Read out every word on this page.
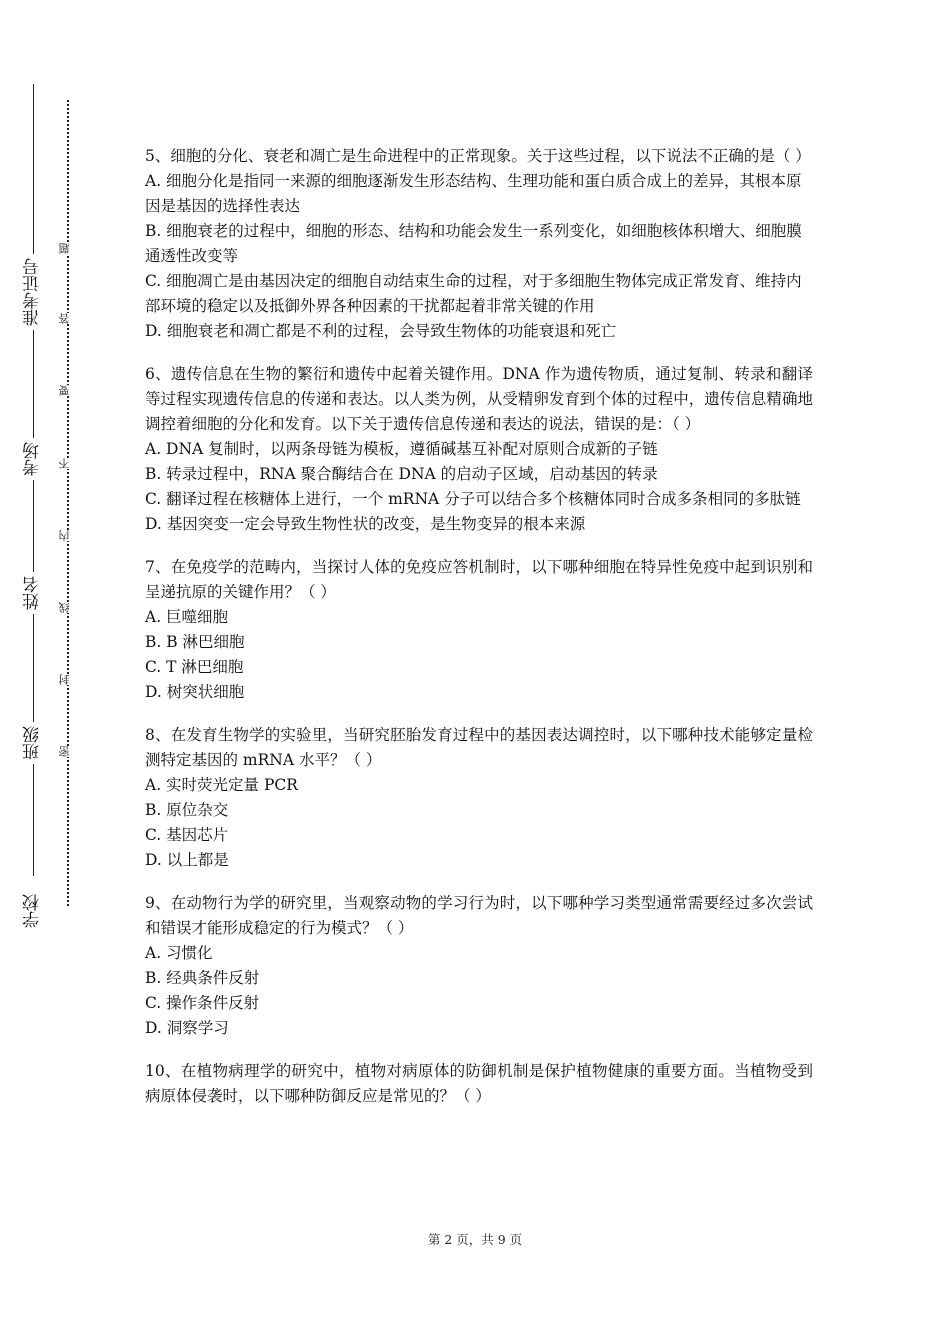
准考证号
考场
姓名
班级
学校
题
答
要
不
内
线
封
密
5、细胞的分化、衰老和凋亡是生命进程中的正常现象。关于这些过程，以下说法不正确的是（ ）
A. 细胞分化是指同一来源的细胞逐渐发生形态结构、生理功能和蛋白质合成上的差异，其根本原因是基因的选择性表达
B. 细胞衰老的过程中，细胞的形态、结构和功能会发生一系列变化，如细胞核体积增大、细胞膜通透性改变等
C. 细胞凋亡是由基因决定的细胞自动结束生命的过程，对于多细胞生物体完成正常发育、维持内部环境的稳定以及抵御外界各种因素的干扰都起着非常关键的作用
D. 细胞衰老和凋亡都是不利的过程，会导致生物体的功能衰退和死亡
6、遗传信息在生物的繁衍和遗传中起着关键作用。DNA 作为遗传物质，通过复制、转录和翻译等过程实现遗传信息的传递和表达。以人类为例，从受精卵发育到个体的过程中，遗传信息精确地调控着细胞的分化和发育。以下关于遗传信息传递和表达的说法，错误的是：（ ）
A. DNA 复制时，以两条母链为模板，遵循碱基互补配对原则合成新的子链
B. 转录过程中，RNA 聚合酶结合在 DNA 的启动子区域，启动基因的转录
C. 翻译过程在核糖体上进行，一个 mRNA 分子可以结合多个核糖体同时合成多条相同的多肽链
D. 基因突变一定会导致生物性状的改变，是生物变异的根本来源
7、在免疫学的范畴内，当探讨人体的免疫应答机制时，以下哪种细胞在特异性免疫中起到识别和呈递抗原的关键作用？（ ）
A. 巨噬细胞
B. B 淋巴细胞
C. T 淋巴细胞
D. 树突状细胞
8、在发育生物学的实验里，当研究胚胎发育过程中的基因表达调控时，以下哪种技术能够定量检测特定基因的 mRNA 水平？（ ）
A. 实时荧光定量 PCR
B. 原位杂交
C. 基因芯片
D. 以上都是
9、在动物行为学的研究里，当观察动物的学习行为时，以下哪种学习类型通常需要经过多次尝试和错误才能形成稳定的行为模式？（ ）
A. 习惯化
B. 经典条件反射
C. 操作条件反射
D. 洞察学习
10、在植物病理学的研究中，植物对病原体的防御机制是保护植物健康的重要方面。当植物受到病原体侵袭时，以下哪种防御反应是常见的？（ ）
第 2 页，共 9 页
